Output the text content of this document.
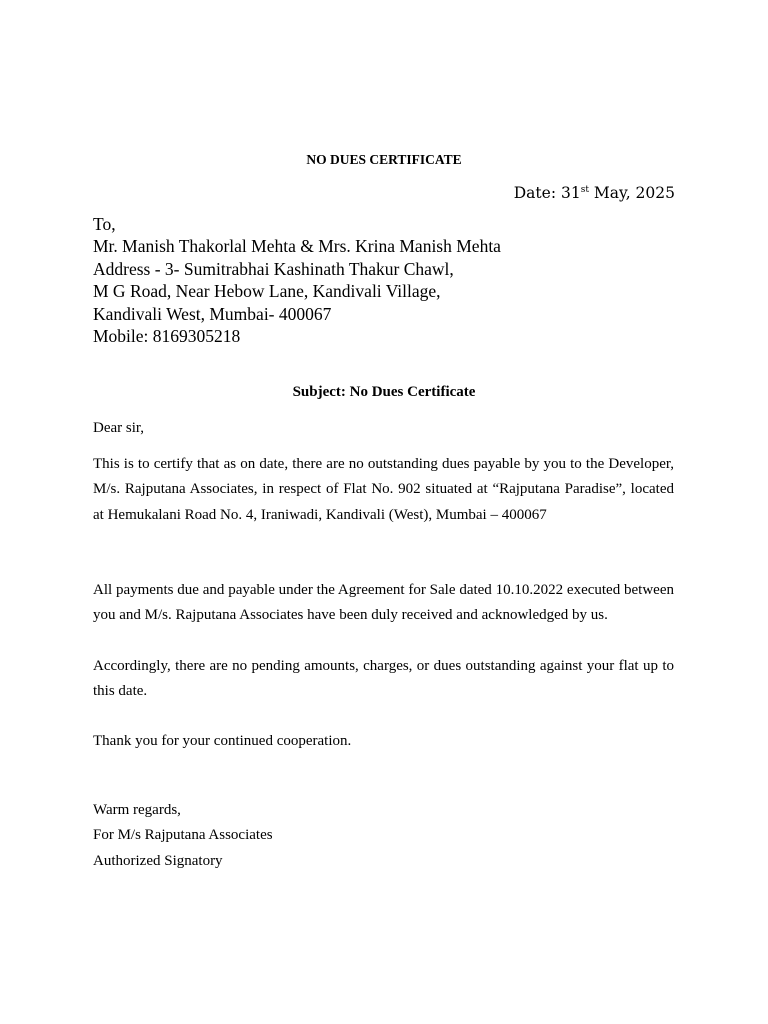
NO DUES CERTIFICATE
Date: 31st May, 2025
To,
Mr. Manish Thakorlal Mehta & Mrs. Krina Manish Mehta
Address - 3- Sumitrabhai Kashinath Thakur Chawl,
M G Road, Near Hebow Lane, Kandivali Village,
Kandivali West, Mumbai- 400067
Mobile: 8169305218
Subject: No Dues Certificate
Dear sir,
This is to certify that as on date, there are no outstanding dues payable by you to the Developer, M/s. Rajputana Associates, in respect of Flat No. 902 situated at “Rajputana Paradise”, located at Hemukalani Road No. 4, Iraniwadi, Kandivali (West), Mumbai – 400067
All payments due and payable under the Agreement for Sale dated 10.10.2022 executed between you and M/s. Rajputana Associates have been duly received and acknowledged by us.
Accordingly, there are no pending amounts, charges, or dues outstanding against your flat up to this date.
Thank you for your continued cooperation.
Warm regards,
For M/s Rajputana Associates
Authorized Signatory
